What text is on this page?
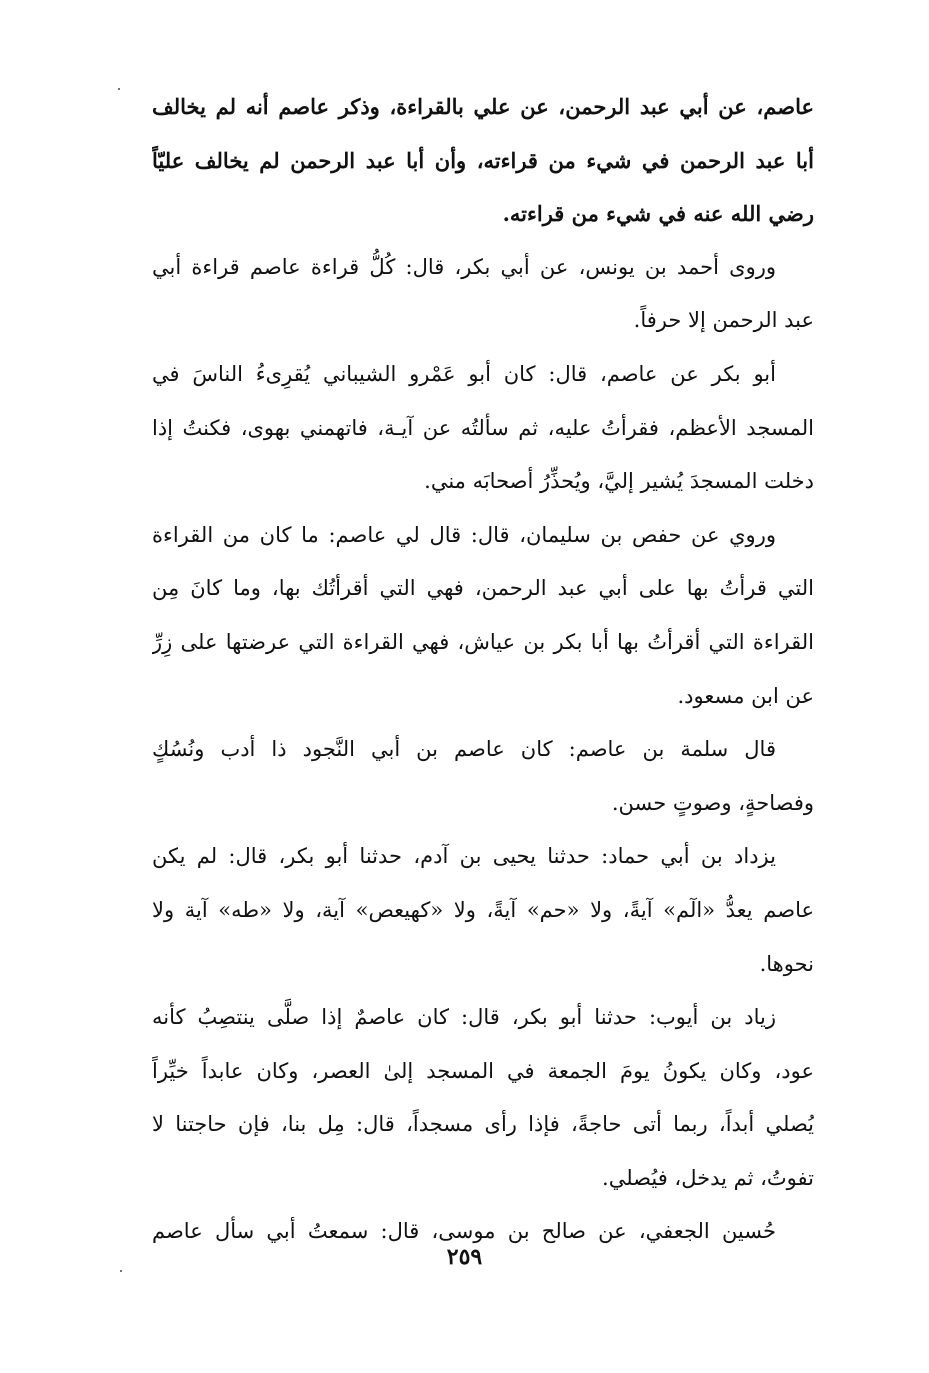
عاصم، عن أبي عبد الرحمن، عن علي بالقراءة، وذكر عاصم أنه لم يخالف
أبا عبد الرحمن في شيء من قراءته، وأن أبا عبد الرحمن لم يخالف عليّاً
رضي الله عنه في شيء من قراءته.
وروى أحمد بن يونس، عن أبي بكر، قال: كُلُّ قراءة عاصم قراءة أبي
عبد الرحمن إلا حرفاً.
أبو بكر عن عاصم، قال: كان أبو عَمْرو الشيباني يُقرِىءُ الناسَ في
المسجد الأعظم، فقرأتُ عليه، ثم سألتُه عن آيـة، فاتهمني بهوى، فكنتُ إذا
دخلت المسجدَ يُشير إليَّ، ويُحذِّرُ أصحابَه مني.
وروي عن حفص بن سليمان، قال: قال لي عاصم: ما كان من القراءة
التي قرأتُ بها على أبي عبد الرحمن، فهي التي أقرأتُك بها، وما كانَ مِن
القراءة التي أقرأتُ بها أبا بكر بن عياش، فهي القراءة التي عرضتها على زِرِّ
عن ابن مسعود.
قال سلمة بن عاصم: كان عاصم بن أبي النَّجود ذا أدب ونُسُكٍ
وفصاحةٍ، وصوتٍ حسن.
يزداد بن أبي حماد: حدثنا يحيى بن آدم، حدثنا أبو بكر، قال: لم يكن
عاصم يعدُّ «الٓم» آيةً، ولا «حم» آيةً، ولا «كهيعص» آية، ولا «طه» آية ولا
نحوها.
زياد بن أيوب: حدثنا أبو بكر، قال: كان عاصمٌ إذا صلَّى ينتصِبُ كأنه
عود، وكان يكونُ يومَ الجمعة في المسجد إلىٰ العصر، وكان عابداً خيِّراً
يُصلي أبداً، ربما أتى حاجةً، فإذا رأى مسجداً، قال: مِل بنا، فإن حاجتنا لا
تفوتُ، ثم يدخل، فيُصلي.
حُسين الجعفي، عن صالح بن موسى، قال: سمعتُ أبي سأل عاصم
٢٥٩
